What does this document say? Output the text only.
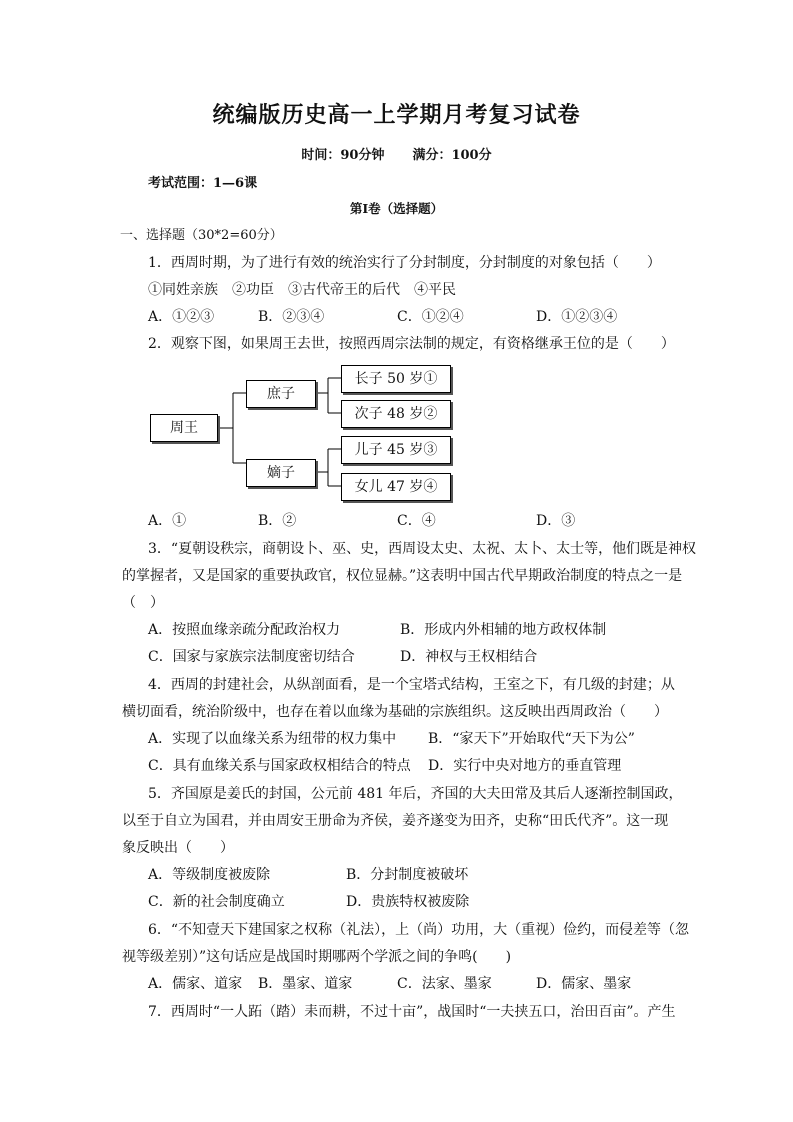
统编版历史高一上学期月考复习试卷
时间：90分钟 满分：100分
考试范围：1—6课
第I卷（选择题）
一、选择题（30*2=60分）
1．西周时期，为了进行有效的统治实行了分封制度，分封制度的对象包括（　　）
①同姓亲族　②功臣　③古代帝王的后代　④平民
A．①②③	B．②③④	C．①②④	D．①②③④
2．观察下图，如果周王去世，按照西周宗法制的规定，有资格继承王位的是（　　）
周王
庶子
嫡子
长子 50 岁①
次子 48 岁②
儿子 45 岁③
女儿 47 岁④
A．①	B．②	C．④	D．③
3．“夏朝设秩宗，商朝设卜、巫、史，西周设太史、太祝、太卜、太士等，他们既是神权
的掌握者，又是国家的重要执政官，权位显赫。”这表明中国古代早期政治制度的特点之一是
（　）
A．按照血缘亲疏分配政治权力	B．形成内外相辅的地方政权体制
C．国家与家族宗法制度密切结合	D．神权与王权相结合
4．西周的封建社会，从纵剖面看，是一个宝塔式结构，王室之下，有几级的封建；从
横切面看，统治阶级中，也存在着以血缘为基础的宗族组织。这反映出西周政治（　　）
A．实现了以血缘关系为纽带的权力集中 B．“家天下”开始取代“天下为公”
C．具有血缘关系与国家政权相结合的特点 D．实行中央对地方的垂直管理
5．齐国原是姜氏的封国，公元前 481 年后，齐国的大夫田常及其后人逐渐控制国政，
以至于自立为国君，并由周安王册命为齐侯，姜齐遂变为田齐，史称“田氏代齐”。这一现
象反映出（　　）
A．等级制度被废除	B．分封制度被破坏
C．新的社会制度确立	D．贵族特权被废除
6．“不知壹天下建国家之权称（礼法），上（尚）功用，大（重视）俭约，而侵差等（忽
视等级差别）”这句话应是战国时期哪两个学派之间的争鸣(　　)
A．儒家、道家 B．墨家、道家	C．法家、墨家	D．儒家、墨家
7．西周时“一人跖（踏）耒而耕，不过十亩”，战国时“一夫挟五口，治田百亩”。产生
